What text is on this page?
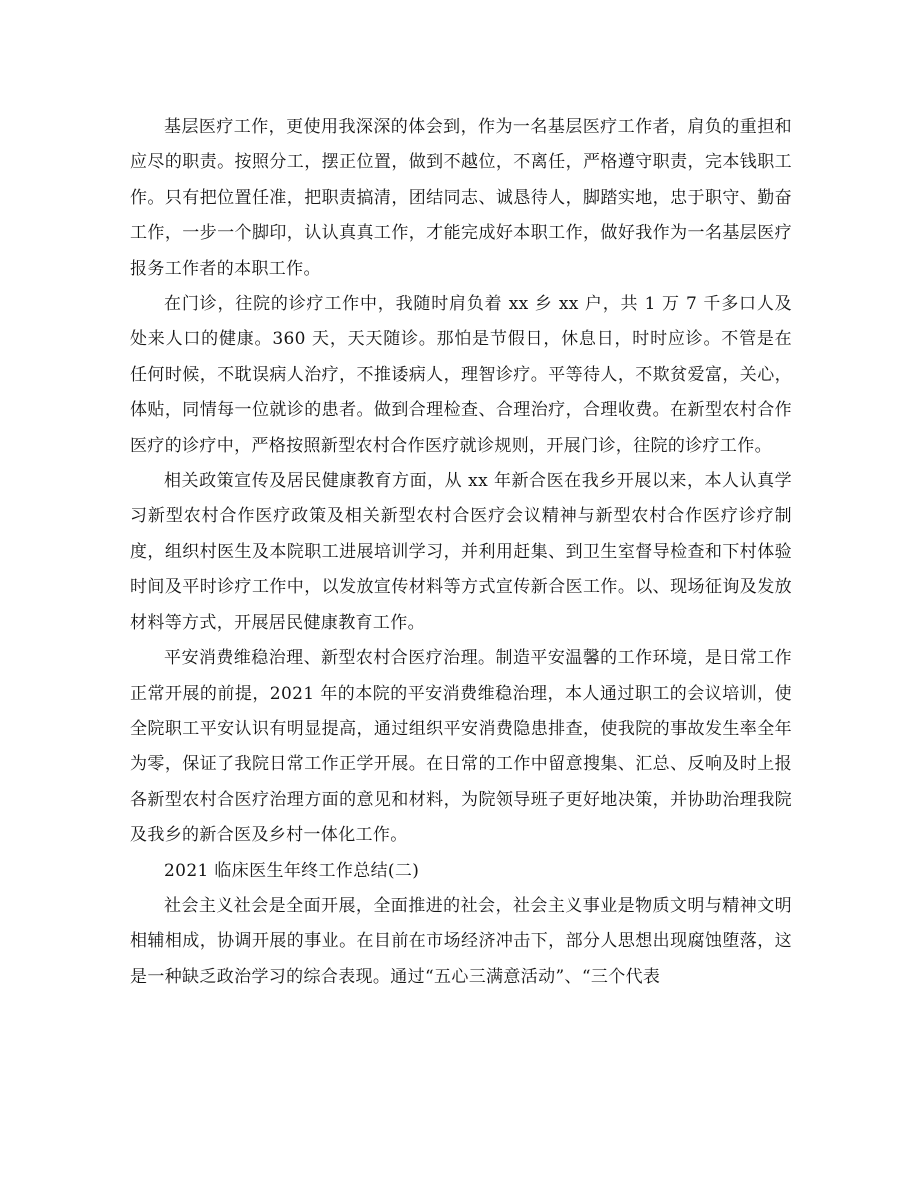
基层医疗工作，更使用我深深的体会到，作为一名基层医疗工作者，肩负的重担和应尽的职责。按照分工，摆正位置，做到不越位，不离任，严格遵守职责，完本钱职工作。只有把位置任准，把职责搞清，团结同志、诚恳待人，脚踏实地，忠于职守、勤奋工作，一步一个脚印，认认真真工作，才能完成好本职工作，做好我作为一名基层医疗报务工作者的本职工作。

在门诊，往院的诊疗工作中，我随时肩负着 xx 乡 xx 户，共 1 万 7 千多口人及处来人口的健康。360 天，天天随诊。那怕是节假日，休息日，时时应诊。不管是在任何时候，不耽误病人治疗，不推诿病人，理智诊疗。平等待人，不欺贫爱富，关心，体贴，同情每一位就诊的患者。做到合理检查、合理治疗，合理收费。在新型农村合作医疗的诊疗中，严格按照新型农村合作医疗就诊规则，开展门诊，往院的诊疗工作。

相关政策宣传及居民健康教育方面，从 xx 年新合医在我乡开展以来，本人认真学习新型农村合作医疗政策及相关新型农村合医疗会议精神与新型农村合作医疗诊疗制度，组织村医生及本院职工进展培训学习，并利用赶集、到卫生室督导检查和下村体验时间及平时诊疗工作中，以发放宣传材料等方式宣传新合医工作。以、现场征询及发放材料等方式，开展居民健康教育工作。

平安消费维稳治理、新型农村合医疗治理。制造平安温馨的工作环境，是日常工作正常开展的前提，2021 年的本院的平安消费维稳治理，本人通过职工的会议培训，使全院职工平安认识有明显提高，通过组织平安消费隐患排查，使我院的事故发生率全年为零，保证了我院日常工作正学开展。在日常的工作中留意搜集、汇总、反响及时上报各新型农村合医疗治理方面的意见和材料，为院领导班子更好地决策，并协助治理我院及我乡的新合医及乡村一体化工作。

2021 临床医生年终工作总结(二)

社会主义社会是全面开展，全面推进的社会，社会主义事业是物质文明与精神文明相辅相成，协调开展的事业。在目前在市场经济冲击下，部分人思想出现腐蚀堕落，这是一种缺乏政治学习的综合表现。通过“五心三满意活动”、“三个代表
